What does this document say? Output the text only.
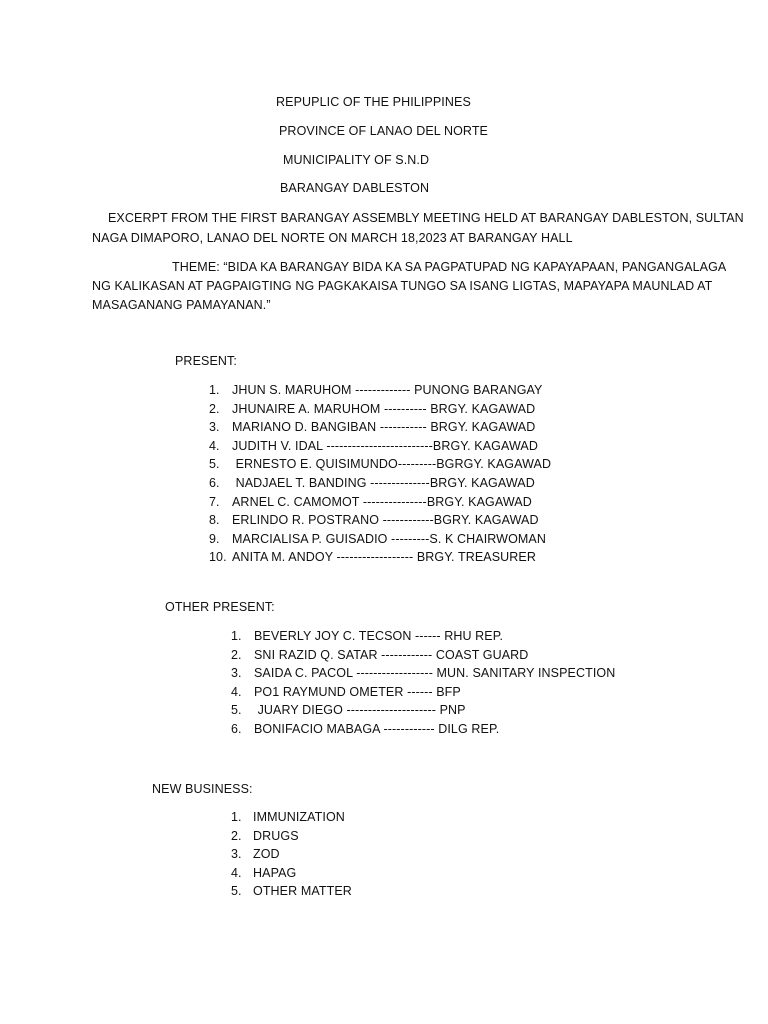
REPUPLIC OF THE PHILIPPINES
PROVINCE OF LANAO DEL NORTE
MUNICIPALITY OF S.N.D
BARANGAY DABLESTON
EXCERPT FROM THE FIRST BARANGAY ASSEMBLY MEETING HELD AT BARANGAY DABLESTON, SULTAN
NAGA DIMAPORO, LANAO DEL NORTE ON MARCH 18,2023 AT BARANGAY HALL
THEME: “BIDA KA BARANGAY BIDA KA SA PAGPATUPAD NG KAPAYAPAAN, PANGANGALAGA
NG KALIKASAN AT PAGPAIGTING NG PAGKAKAISA TUNGO SA ISANG LIGTAS, MAPAYAPA MAUNLAD AT
MASAGANANG PAMAYANAN.”
PRESENT:
1. JHUN S. MARUHOM ------------- PUNONG BARANGAY
2. JHUNAIRE A. MARUHOM ---------- BRGY. KAGAWAD
3. MARIANO D. BANGIBAN ----------- BRGY. KAGAWAD
4. JUDITH V. IDAL -------------------------BRGY. KAGAWAD
5. ERNESTO E. QUISIMUNDO---------BGRGY. KAGAWAD
6. NADJAEL T. BANDING --------------BRGY. KAGAWAD
7. ARNEL C. CAMOMOT ---------------BRGY. KAGAWAD
8. ERLINDO R. POSTRANO ------------BGRY. KAGAWAD
9. MARCIALISA P. GUISADIO ---------S. K CHAIRWOMAN
10. ANITA M. ANDOY ------------------ BRGY. TREASURER
OTHER PRESENT:
1. BEVERLY JOY C. TECSON ------ RHU REP.
2. SNI RAZID Q. SATAR ------------ COAST GUARD
3. SAIDA C. PACOL ------------------ MUN. SANITARY INSPECTION
4. PO1 RAYMUND OMETER ------ BFP
5. JUARY DIEGO --------------------- PNP
6. BONIFACIO MABAGA ------------ DILG REP.
NEW BUSINESS:
1. IMMUNIZATION
2. DRUGS
3. ZOD
4. HAPAG
5. OTHER MATTER
